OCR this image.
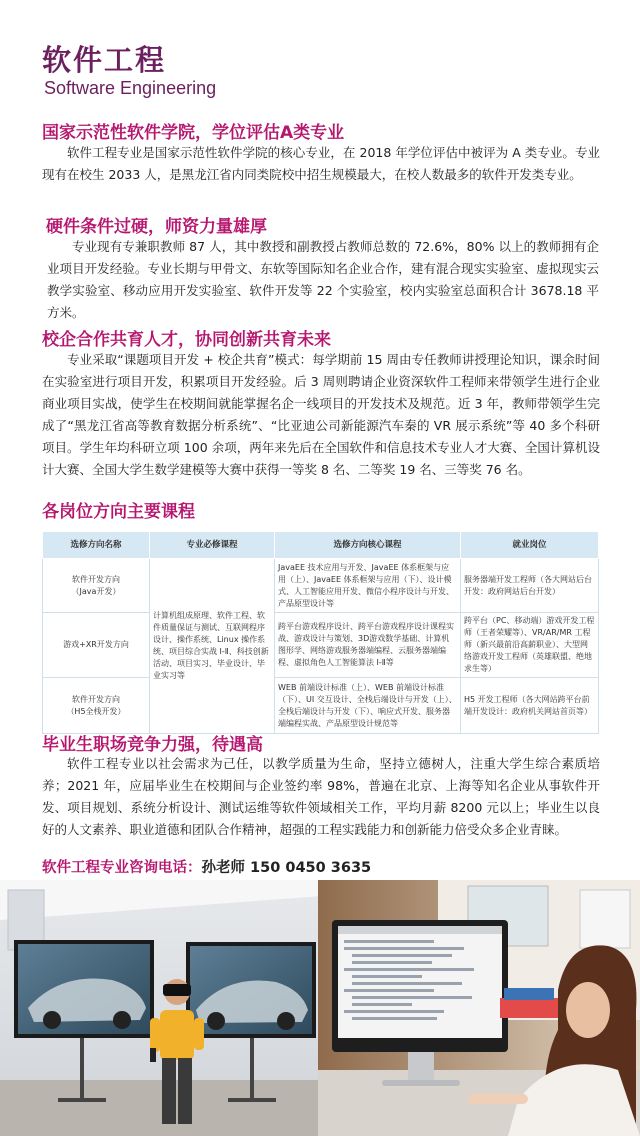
软件工程
Software Engineering
国家示范性软件学院，学位评估A类专业

软件工程专业是国家示范性软件学院的核心专业，在 2018 年学位评估中被评为 A 类专业。专业现有在校生 2033 人，是黑龙江省内同类院校中招生规模最大，在校人数最多的软件开发类专业。

硬件条件过硬，师资力量雄厚

专业现有专兼职教师 87 人，其中教授和副教授占教师总数的 72.6%，80% 以上的教师拥有企业项目开发经验。专业长期与甲骨文、东软等国际知名企业合作，建有混合现实实验室、虚拟现实云教学实验室、移动应用开发实验室、软件开发等 22 个实验室，校内实验室总面积合计 3678.18 平方米。

校企合作共育人才，协同创新共育未来

专业采取“课题项目开发 + 校企共育”模式：每学期前 15 周由专任教师讲授理论知识，课余时间在实验室进行项目开发，积累项目开发经验。后 3 周则聘请企业资深软件工程师来带领学生进行企业商业项目实战，使学生在校期间就能掌握名企一线项目的开发技术及规范。近 3 年，教师带领学生完成了“黑龙江省高等教育数据分析系统”、“比亚迪公司新能源汽车秦的 VR 展示系统”等 40 多个科研项目。学生年均科研立项 100 余项，两年来先后在全国软件和信息技术专业人才大赛、全国计算机设计大赛、全国大学生数学建模等大赛中获得一等奖 8 名、二等奖 19 名、三等奖 76 名。

各岗位方向主要课程
选修方向名称	专业必修课程	选修方向核心课程	就业岗位
软件开发方向
（Java开发）	计算机组成原理、软件工程、软件质量保证与测试、互联网程序设计、操作系统、Linux 操作系统、项目综合实战 Ⅰ-Ⅱ、科技创新活动、项目实习、毕业设计、毕业实习等	JavaEE 技术应用与开发、JavaEE 体系框架与应用（上）、JavaEE 体系框架与应用（下）、设计模式、人工智能应用开发、微信小程序设计与开发、产品原型设计等	服务器端开发工程师（各大网站后台开发：政府网站后台开发）
游戏+XR开发方向		跨平台游戏程序设计、跨平台游戏程序设计课程实战、游戏设计与策划、3D游戏数学基础、计算机图形学、网络游戏服务器端编程、云服务器端编程、虚拟角色人工智能算法 Ⅰ-Ⅱ等	跨平台（PC、移动端）游戏开发工程师（王者荣耀等）、VR/AR/MR 工程师（新兴最前沿高薪职业）、大型网络游戏开发工程师（英雄联盟、绝地求生等）
软件开发方向
（H5全栈开发）		WEB 前端设计标准（上）、WEB 前端设计标准（下）、UI 交互设计、全栈后端设计与开发（上）、全栈后端设计与开发（下）、响应式开发、服务器端编程实战、产品原型设计规范等	H5 开发工程师（各大网站跨平台前端开发设计：政府机关网站首页等）
毕业生职场竞争力强，待遇高

软件工程专业以社会需求为己任，以教学质量为生命，坚持立德树人，注重大学生综合素质培养；2021 年，应届毕业生在校期间与企业签约率 98%，普遍在北京、上海等知名企业从事软件开发、项目规划、系统分析设计、测试运维等软件领域相关工作，平均月薪 8200 元以上；毕业生以良好的人文素养、职业道德和团队合作精神，超强的工程实践能力和创新能力倍受众多企业青睐。

软件工程专业咨询电话：孙老师 150 0450 3635
